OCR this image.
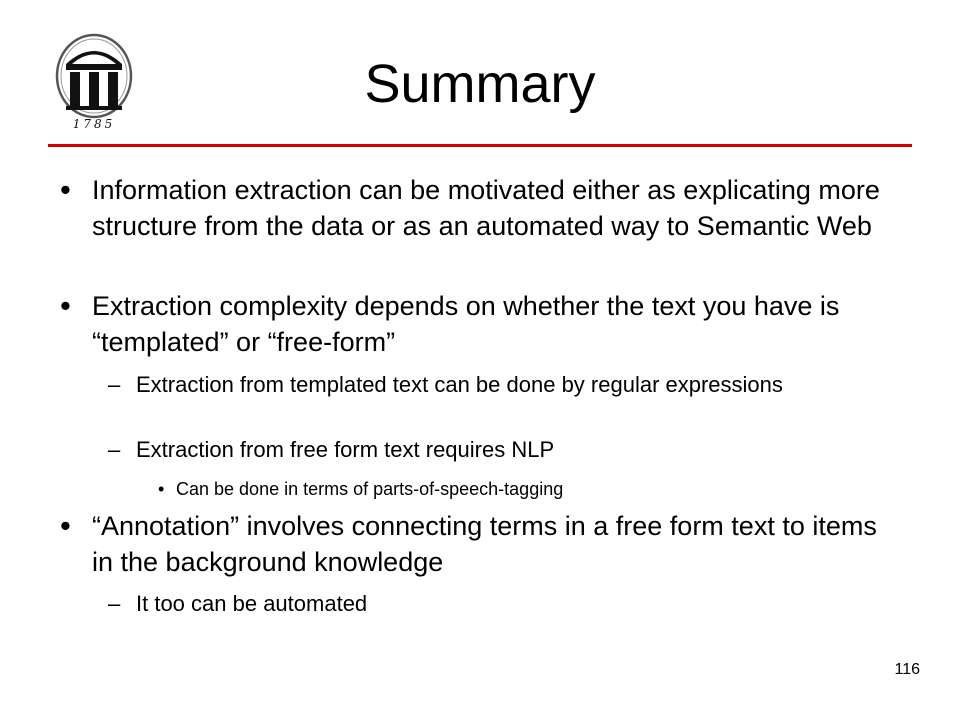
1785
Summary
• Information extraction can be motivated either as explicating more structure from the data or as an automated way to Semantic Web
• Extraction complexity depends on whether the text you have is “templated” or “free-form”
– Extraction from templated text can be done by regular expressions
– Extraction from free form text requires NLP
• Can be done in terms of parts-of-speech-tagging
• “Annotation” involves connecting terms in a free form text to items in the background knowledge
– It too can be automated
116
